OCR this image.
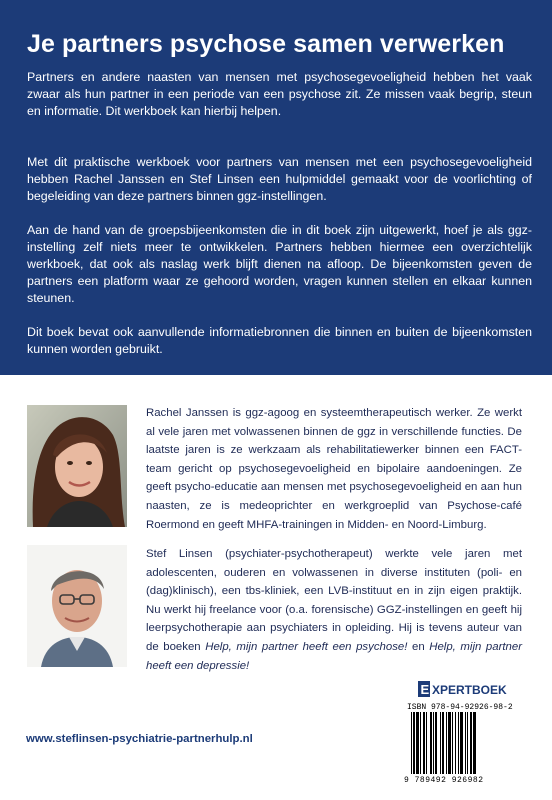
Je partners psychose samen verwerken

Partners en andere naasten van mensen met psychosegevoeligheid hebben het vaak zwaar als hun partner in een periode van een psychose zit. Ze missen vaak begrip, steun en informatie. Dit werkboek kan hierbij helpen.

Met dit praktische werkboek voor partners van mensen met een psychosegevoeligheid hebben Rachel Janssen en Stef Linsen een hulpmiddel gemaakt voor de voorlichting of begeleiding van deze partners binnen ggz-instellingen.

Aan de hand van de groepsbijeenkomsten die in dit boek zijn uitgewerkt, hoef je als ggz-instelling zelf niets meer te ontwikkelen. Partners hebben hiermee een overzichtelijk werkboek, dat ook als naslag werk blijft dienen na afloop. De bijeenkomsten geven de partners een platform waar ze gehoord worden, vragen kunnen stellen en elkaar kunnen steunen.

Dit boek bevat ook aanvullende informatiebronnen die binnen en buiten de bijeenkomsten kunnen worden gebruikt.

Rachel Janssen is ggz-agoog en systeemtherapeutisch werker. Ze werkt al vele jaren met volwassenen binnen de ggz in verschillende functies. De laatste jaren is ze werkzaam als rehabilitatiewerker binnen een FACT-team gericht op psychosegevoeligheid en bipolaire aandoeningen. Ze geeft psycho-educatie aan mensen met psychosegevoeligheid en aan hun naasten, ze is medeoprichter en werkgroeplid van Psychose-café Roermond en geeft MHFA-trainingen in Midden- en Noord-Limburg.
Stef Linsen (psychiater-psychotherapeut) werkte vele jaren met adolescenten, ouderen en volwassenen in diverse instituten (poli- en (dag)klinisch), een tbs-kliniek, een LVB-instituut en in zijn eigen praktijk. Nu werkt hij freelance voor (o.a. forensische) GGZ-instellingen en geeft hij leerpsychotherapie aan psychiaters in opleiding. Hij is tevens auteur van de boeken Help, mijn partner heeft een psychose! en Help, mijn partner heeft een depressie!
www.steflinsen-psychiatrie-partnerhulp.nl
E XPERTBOEK
ISBN 978-94-92926-98-2
9 789492 926982
